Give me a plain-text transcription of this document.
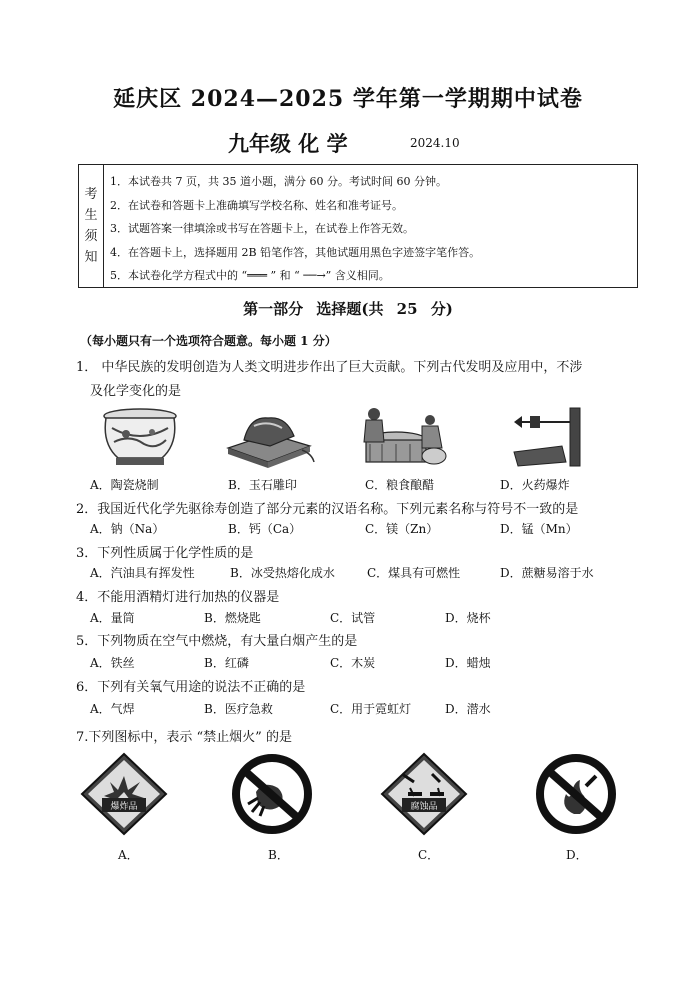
延庆区 2024—2025 学年第一学期期中试卷
九年级 化 学	2024.10
考
生
须
知
1．本试卷共 7 页，共 35 道小题，满分 60 分。考试时间 60 分钟。
2．在试卷和答题卡上准确填写学校名称、姓名和准考证号。
3．试题答案一律填涂或书写在答题卡上，在试卷上作答无效。
4．在答题卡上，选择题用 2B 铅笔作答，其他试题用黑色字迹签字笔作答。
5．本试卷化学方程式中的 “═══ ” 和 “ ──→” 含义相同。
第一部分 选择题(共 25 分)
（每小题只有一个选项符合题意。每小题 1 分）
1． 中华民族的发明创造为人类文明进步作出了巨大贡献。下列古代发明及应用中，不涉
及化学变化的是
A．陶瓷烧制	B．玉石雕印	C．粮食酿醋	D．火药爆炸
2．我国近代化学先驱徐寿创造了部分元素的汉语名称。下列元素名称与符号不一致的是
A．钠（Na）	B．钙（Ca）	C．镁（Zn）	D．锰（Mn）
3．下列性质属于化学性质的是
A．汽油具有挥发性	B．冰受热熔化成水	C．煤具有可燃性	D．蔗糖易溶于水
4．不能用酒精灯进行加热的仪器是
A．量筒	B．燃烧匙	C．试管	D．烧杯
5．下列物质在空气中燃烧，有大量白烟产生的是
A．铁丝	B．红磷	C．木炭	D．蜡烛
6．下列有关氧气用途的说法不正确的是
A．气焊	B．医疗急救	C．用于霓虹灯	D．潜水
7.下列图标中，表示 “禁止烟火” 的是
爆炸品	腐蚀品
A．	B．	C．	D．
